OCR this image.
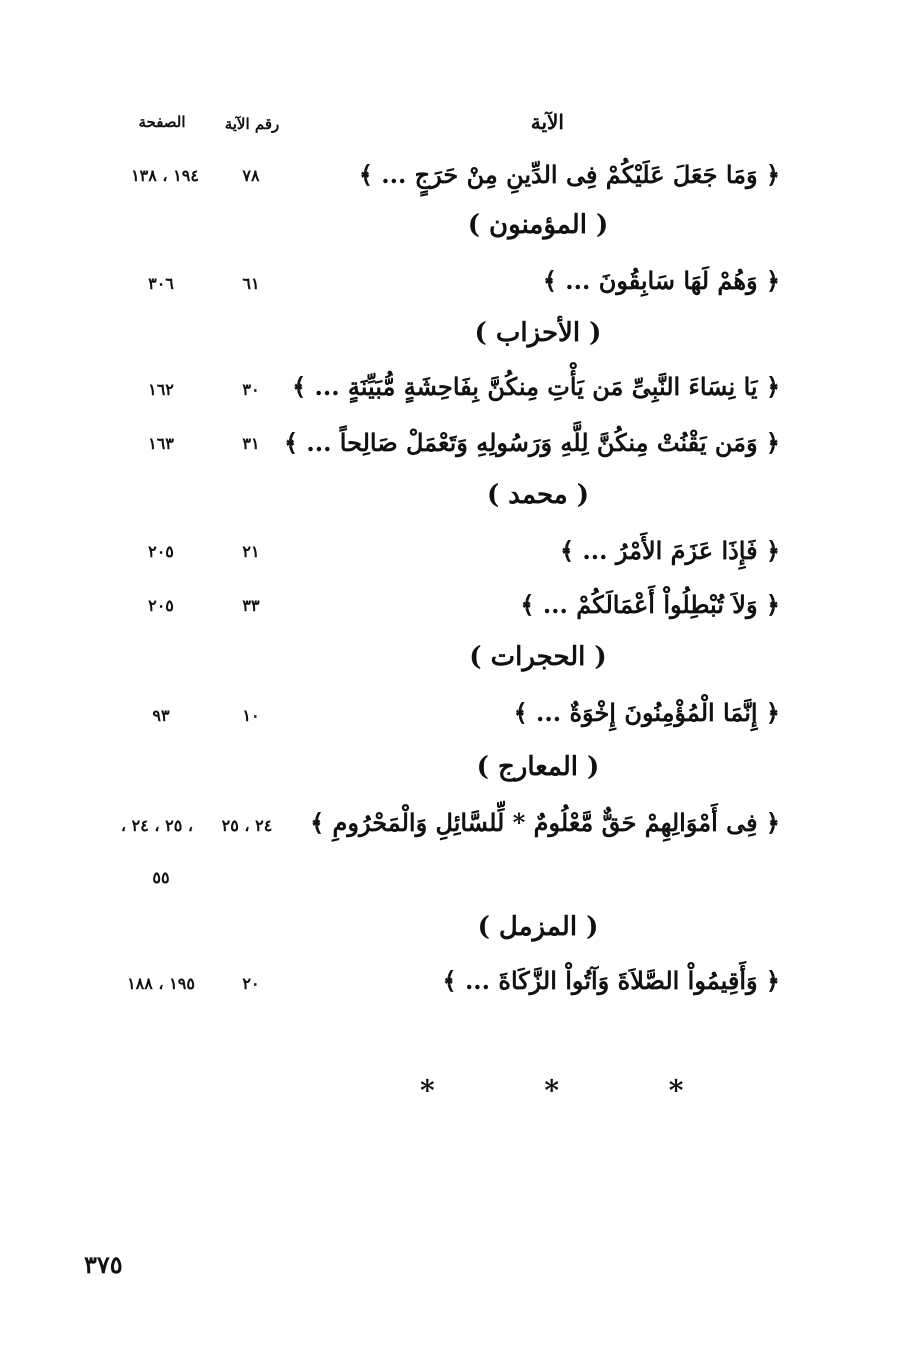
الآية
رقم الآية
الصفحة
﴿ وَمَا جَعَلَ عَلَيْكُمْ فِى الدِّينِ مِنْ حَرَجٍ ... ﴾
٧٨
١٩٤ ، ١٣٨
( المؤمنون )
﴿ وَهُمْ لَهَا سَابِقُونَ ... ﴾
٦١
٣٠٦
( الأحزاب )
﴿ يَا نِسَاءَ النَّبِىِّ مَن يَأْتِ مِنكُنَّ بِفَاحِشَةٍ مُّبَيِّنَةٍ ... ﴾
٣٠
١٦٢
﴿ وَمَن يَقْنُتْ مِنكُنَّ لِلَّهِ وَرَسُولِهِ وَتَعْمَلْ صَالِحاً ... ﴾
٣١
١٦٣
( محمد )
﴿ فَإِذَا عَزَمَ الأَمْرُ ... ﴾
٢١
٢٠٥
﴿ وَلاَ تُبْطِلُواْ أَعْمَالَكُمْ ... ﴾
٣٣
٢٠٥
( الحجرات )
﴿ إِنَّمَا الْمُؤْمِنُونَ إِخْوَةٌ ... ﴾
١٠
٩٣
( المعارج )
﴿ فِى أَمْوَالِهِمْ حَقٌّ مَّعْلُومٌ * لِّلسَّائِلِ وَالْمَحْرُومِ ﴾
٢٤ ، ٢٥
، ٢٥ ، ٢٤ ،
٥٥
( المزمل )
﴿ وَأَقِيمُواْ الصَّلاَةَ وَآتُواْ الزَّكَاةَ ... ﴾
٢٠
١٩٥ ، ١٨٨
* * *
٣٧٥
